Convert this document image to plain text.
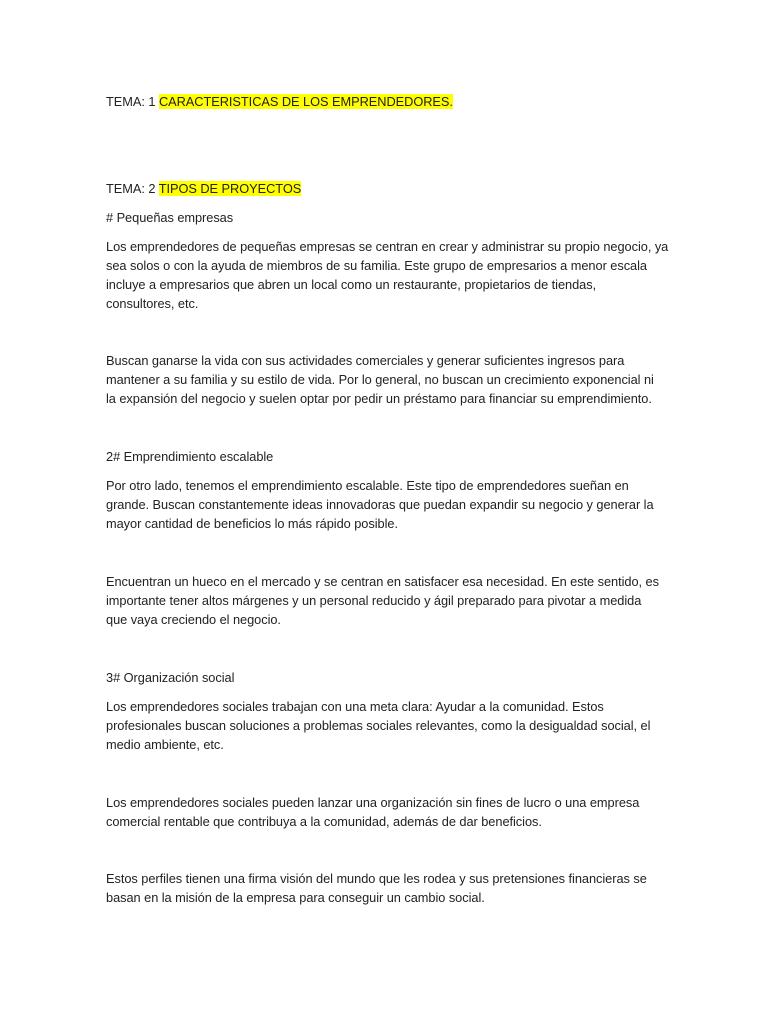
TEMA: 1 CARACTERISTICAS DE LOS EMPRENDEDORES.
TEMA: 2 TIPOS DE PROYECTOS
# Pequeñas empresas
Los emprendedores de pequeñas empresas se centran en crear y administrar su propio negocio, ya
sea solos o con la ayuda de miembros de su familia. Este grupo de empresarios a menor escala
incluye a empresarios que abren un local como un restaurante, propietarios de tiendas,
consultores, etc.
Buscan ganarse la vida con sus actividades comerciales y generar suficientes ingresos para
mantener a su familia y su estilo de vida. Por lo general, no buscan un crecimiento exponencial ni
la expansión del negocio y suelen optar por pedir un préstamo para financiar su emprendimiento.
2# Emprendimiento escalable
Por otro lado, tenemos el emprendimiento escalable. Este tipo de emprendedores sueñan en
grande. Buscan constantemente ideas innovadoras que puedan expandir su negocio y generar la
mayor cantidad de beneficios lo más rápido posible.
Encuentran un hueco en el mercado y se centran en satisfacer esa necesidad. En este sentido, es
importante tener altos márgenes y un personal reducido y ágil preparado para pivotar a medida
que vaya creciendo el negocio.
3# Organización social
Los emprendedores sociales trabajan con una meta clara: Ayudar a la comunidad. Estos
profesionales buscan soluciones a problemas sociales relevantes, como la desigualdad social, el
medio ambiente, etc.
Los emprendedores sociales pueden lanzar una organización sin fines de lucro o una empresa
comercial rentable que contribuya a la comunidad, además de dar beneficios.
Estos perfiles tienen una firma visión del mundo que les rodea y sus pretensiones financieras se
basan en la misión de la empresa para conseguir un cambio social.
